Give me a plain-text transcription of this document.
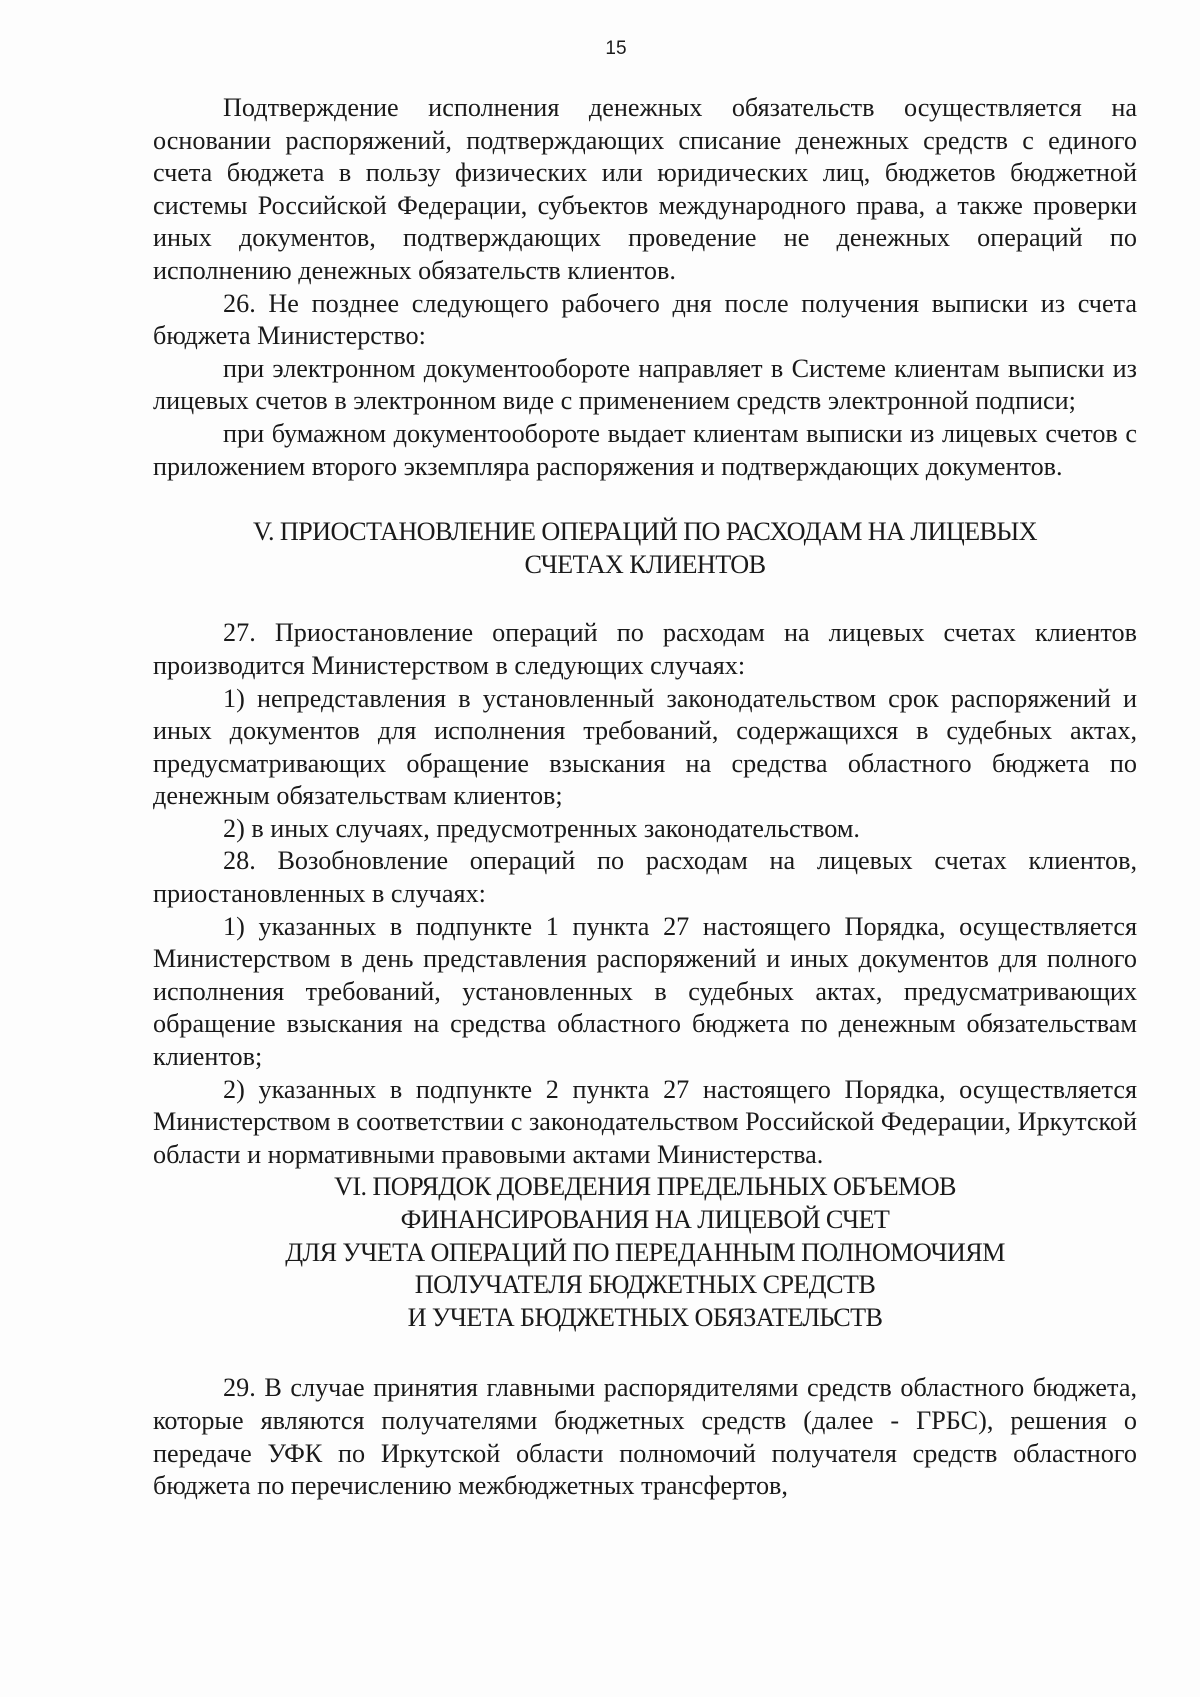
15

Подтверждение исполнения денежных обязательств осуществляется на основании распоряжений, подтверждающих списание денежных средств с единого счета бюджета в пользу физических или юридических лиц, бюджетов бюджетной системы Российской Федерации, субъектов международного права, а также проверки иных документов, подтверждающих проведение не денежных операций по исполнению денежных обязательств клиентов.

26. Не позднее следующего рабочего дня после получения выписки из счета бюджета Министерство:

при электронном документообороте направляет в Системе клиентам выписки из лицевых счетов в электронном виде с применением средств электронной подписи;

при бумажном документообороте выдает клиентам выписки из лицевых счетов с приложением второго экземпляра распоряжения и подтверждающих документов.

V. ПРИОСТАНОВЛЕНИЕ ОПЕРАЦИЙ ПО РАСХОДАМ НА ЛИЦЕВЫХ
СЧЕТАХ КЛИЕНТОВ

27. Приостановление операций по расходам на лицевых счетах клиентов производится Министерством в следующих случаях:

1) непредставления в установленный законодательством срок распоряжений и иных документов для исполнения требований, содержащихся в судебных актах, предусматривающих обращение взыскания на средства областного бюджета по денежным обязательствам клиентов;

2) в иных случаях, предусмотренных законодательством.

28. Возобновление операций по расходам на лицевых счетах клиентов, приостановленных в случаях:

1) указанных в подпункте 1 пункта 27 настоящего Порядка, осуществляется Министерством в день представления распоряжений и иных документов для полного исполнения требований, установленных в судебных актах, предусматривающих обращение взыскания на средства областного бюджета по денежным обязательствам клиентов;

2) указанных в подпункте 2 пункта 27 настоящего Порядка, осуществляется Министерством в соответствии с законодательством Российской Федерации, Иркутской области и нормативными правовыми актами Министерства.

VI. ПОРЯДОК ДОВЕДЕНИЯ ПРЕДЕЛЬНЫХ ОБЪЕМОВ
ФИНАНСИРОВАНИЯ НА ЛИЦЕВОЙ СЧЕТ
ДЛЯ УЧЕТА ОПЕРАЦИЙ ПО ПЕРЕДАННЫМ ПОЛНОМОЧИЯМ
ПОЛУЧАТЕЛЯ БЮДЖЕТНЫХ СРЕДСТВ
И УЧЕТА БЮДЖЕТНЫХ ОБЯЗАТЕЛЬСТВ

29. В случае принятия главными распорядителями средств областного бюджета, которые являются получателями бюджетных средств (далее - ГРБС), решения о передаче УФК по Иркутской области полномочий получателя средств областного бюджета по перечислению межбюджетных трансфертов,
